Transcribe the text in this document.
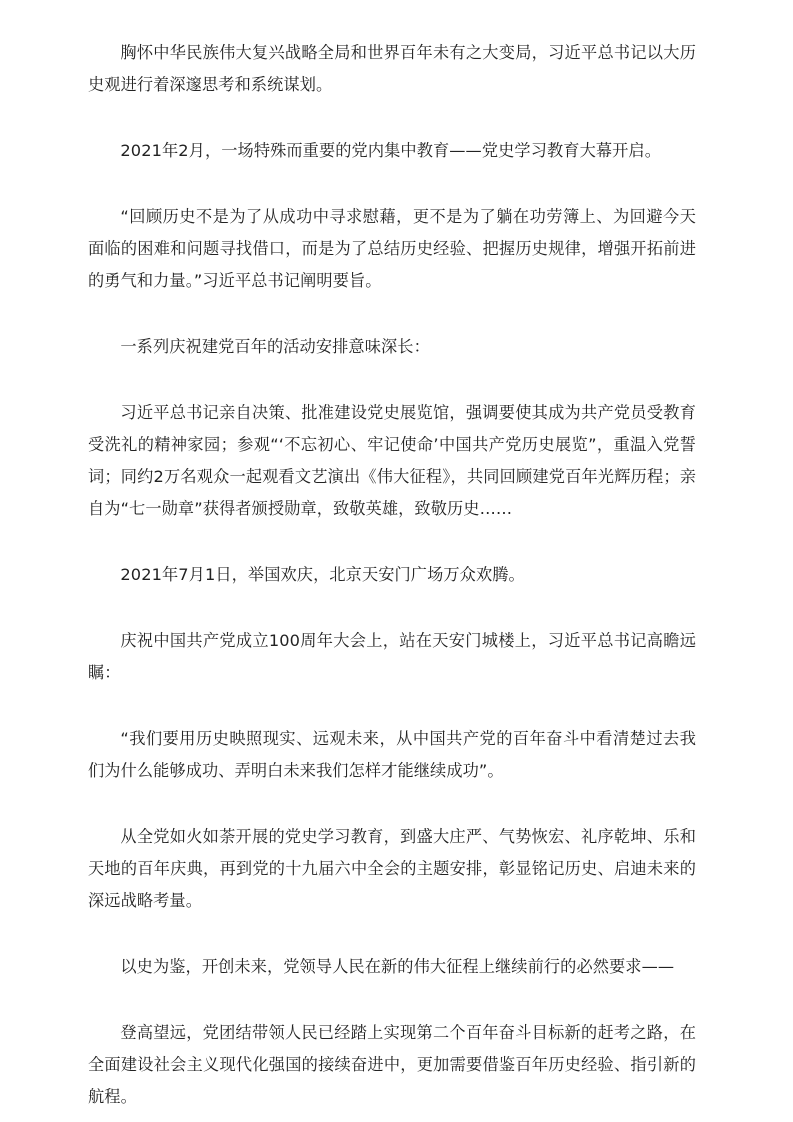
胸怀中华民族伟大复兴战略全局和世界百年未有之大变局，习近平总书记以大历史观进行着深邃思考和系统谋划。

2021年2月，一场特殊而重要的党内集中教育——党史学习教育大幕开启。

“回顾历史不是为了从成功中寻求慰藉，更不是为了躺在功劳簿上、为回避今天面临的困难和问题寻找借口，而是为了总结历史经验、把握历史规律，增强开拓前进的勇气和力量。”习近平总书记阐明要旨。

一系列庆祝建党百年的活动安排意味深长：

习近平总书记亲自决策、批准建设党史展览馆，强调要使其成为共产党员受教育受洗礼的精神家园；参观“‘不忘初心、牢记使命’中国共产党历史展览”，重温入党誓词；同约2万名观众一起观看文艺演出《伟大征程》，共同回顾建党百年光辉历程；亲自为“七一勋章”获得者颁授勋章，致敬英雄，致敬历史……

2021年7月1日，举国欢庆，北京天安门广场万众欢腾。

庆祝中国共产党成立100周年大会上，站在天安门城楼上，习近平总书记高瞻远瞩：

“我们要用历史映照现实、远观未来，从中国共产党的百年奋斗中看清楚过去我们为什么能够成功、弄明白未来我们怎样才能继续成功”。

从全党如火如荼开展的党史学习教育，到盛大庄严、气势恢宏、礼序乾坤、乐和天地的百年庆典，再到党的十九届六中全会的主题安排，彰显铭记历史、启迪未来的深远战略考量。

以史为鉴，开创未来，党领导人民在新的伟大征程上继续前行的必然要求——

登高望远，党团结带领人民已经踏上实现第二个百年奋斗目标新的赶考之路，在全面建设社会主义现代化强国的接续奋进中，更加需要借鉴百年历史经验、指引新的航程。
